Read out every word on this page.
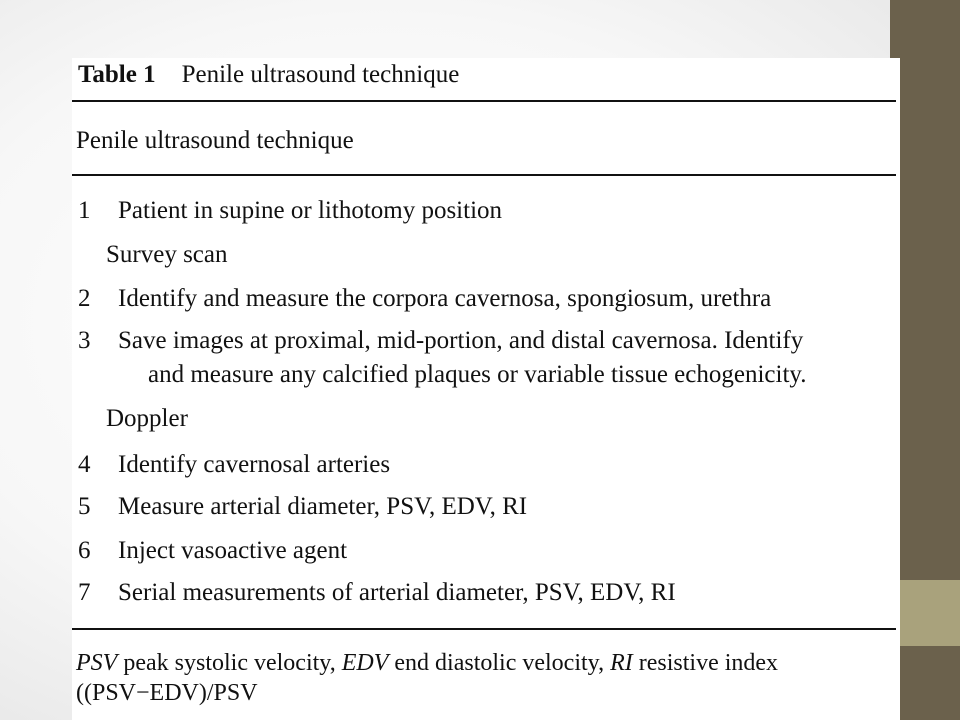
Table 1 Penile ultrasound technique
Penile ultrasound technique
1 Patient in supine or lithotomy position
Survey scan
2 Identify and measure the corpora cavernosa, spongiosum, urethra
3 Save images at proximal, mid-portion, and distal cavernosa. Identify
and measure any calcified plaques or variable tissue echogenicity.
Doppler
4 Identify cavernosal arteries
5 Measure arterial diameter, PSV, EDV, RI
6 Inject vasoactive agent
7 Serial measurements of arterial diameter, PSV, EDV, RI
PSV peak systolic velocity, EDV end diastolic velocity, RI resistive index
((PSV−EDV)/PSV
